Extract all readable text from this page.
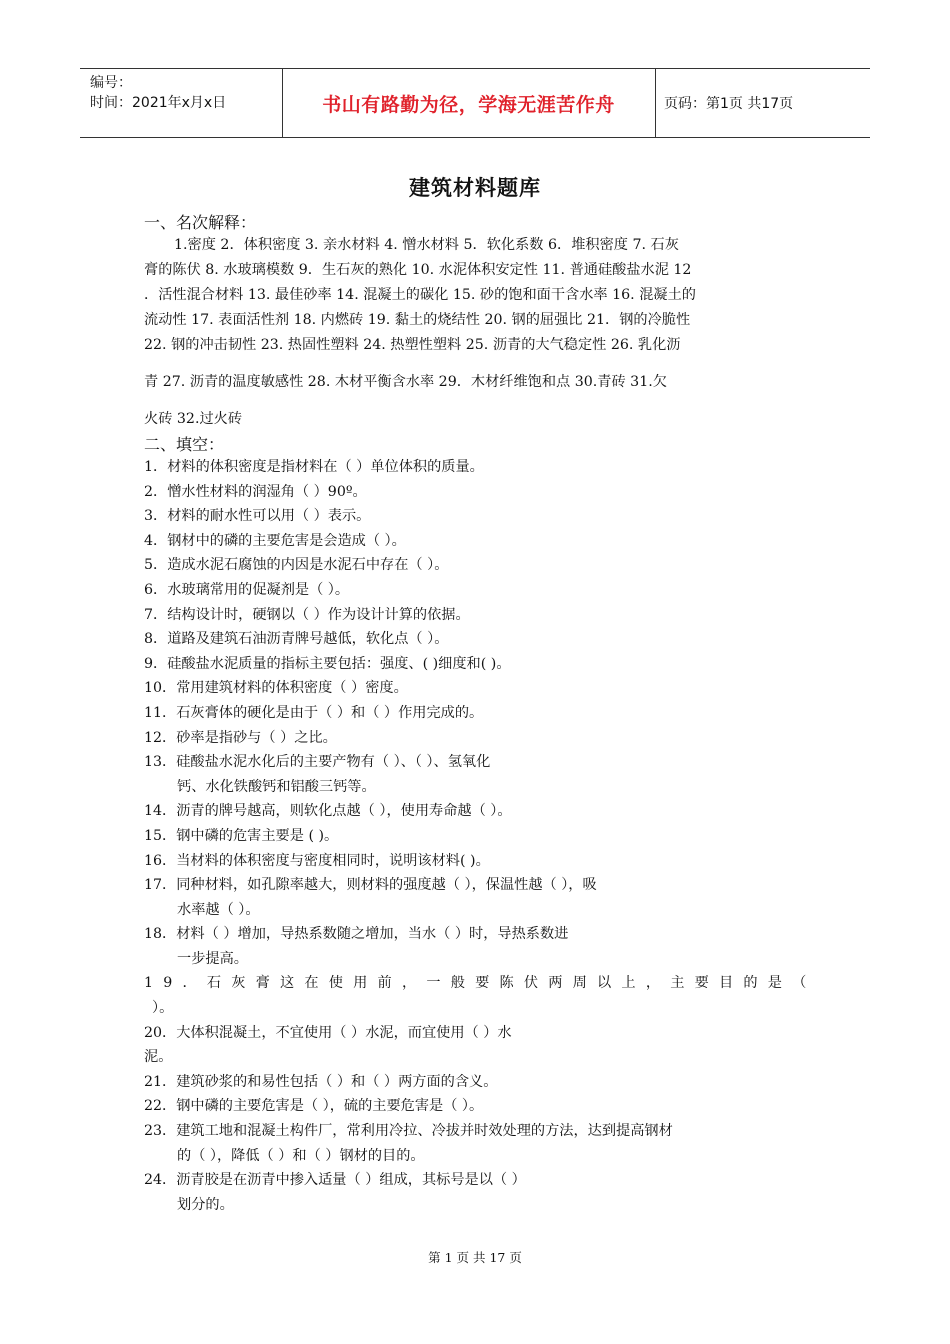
编号：
时间：2021年x月x日	书山有路勤为径，学海无涯苦作舟	页码：第1页 共17页
建筑材料题库
一、名次解释：
1.密度 2．体积密度 3. 亲水材料 4. 憎水材料 5．软化系数 6．堆积密度 7. 石灰
膏的陈伏 8. 水玻璃模数 9．生石灰的熟化 10. 水泥体积安定性 11. 普通硅酸盐水泥 12
．活性混合材料 13. 最佳砂率 14. 混凝土的碳化 15. 砂的饱和面干含水率 16. 混凝土的
流动性 17. 表面活性剂 18. 内燃砖 19. 黏土的烧结性 20. 钢的屈强比 21．钢的冷脆性
22. 钢的冲击韧性 23. 热固性塑料 24. 热塑性塑料 25. 沥青的大气稳定性 26. 乳化沥
青 27. 沥青的温度敏感性 28. 木材平衡含水率 29．木材纤维饱和点 30.青砖 31.欠
火砖 32.过火砖
二、填空：
1．材料的体积密度是指材料在（ ）单位体积的质量。
2．憎水性材料的润湿角（ ）90º。
3．材料的耐水性可以用（ ）表示。
4．钢材中的磷的主要危害是会造成（ ）。
5．造成水泥石腐蚀的内因是水泥石中存在（ ）。
6．水玻璃常用的促凝剂是（ ）。
7．结构设计时，硬钢以（ ）作为设计计算的依据。
8．道路及建筑石油沥青牌号越低，软化点（ ）。
9．硅酸盐水泥质量的指标主要包括：强度、( )细度和( )。
10．常用建筑材料的体积密度（ ）密度。
11．石灰膏体的硬化是由于（ ）和（ ）作用完成的。
12．砂率是指砂与（ ）之比。
13．硅酸盐水泥水化后的主要产物有（ ）、（ ）、氢氧化
钙、水化铁酸钙和铝酸三钙等。
14．沥青的牌号越高，则软化点越（ ），使用寿命越（ ）。
15．钢中磷的危害主要是 ( )。
16．当材料的体积密度与密度相同时，说明该材料( )。
17．同种材料，如孔隙率越大，则材料的强度越（ ），保温性越（ ），吸
水率越（ ）。
18．材料（ ）增加，导热系数随之增加，当水（ ）时，导热系数进
一步提高。
19．石灰膏这在使用前，一般要陈伏两周以上，主要目的是（
）。
20．大体积混凝土，不宜使用（ ）水泥，而宜使用（ ）水
泥。
21．建筑砂浆的和易性包括（ ）和（ ）两方面的含义。
22．钢中磷的主要危害是（ ），硫的主要危害是（ ）。
23．建筑工地和混凝土构件厂，常利用冷拉、冷拔并时效处理的方法，达到提高钢材
的（ ），降低（ ）和（ ）钢材的目的。
24．沥青胶是在沥青中掺入适量（ ）组成，其标号是以（ ）
划分的。
第 1 页 共 17 页
